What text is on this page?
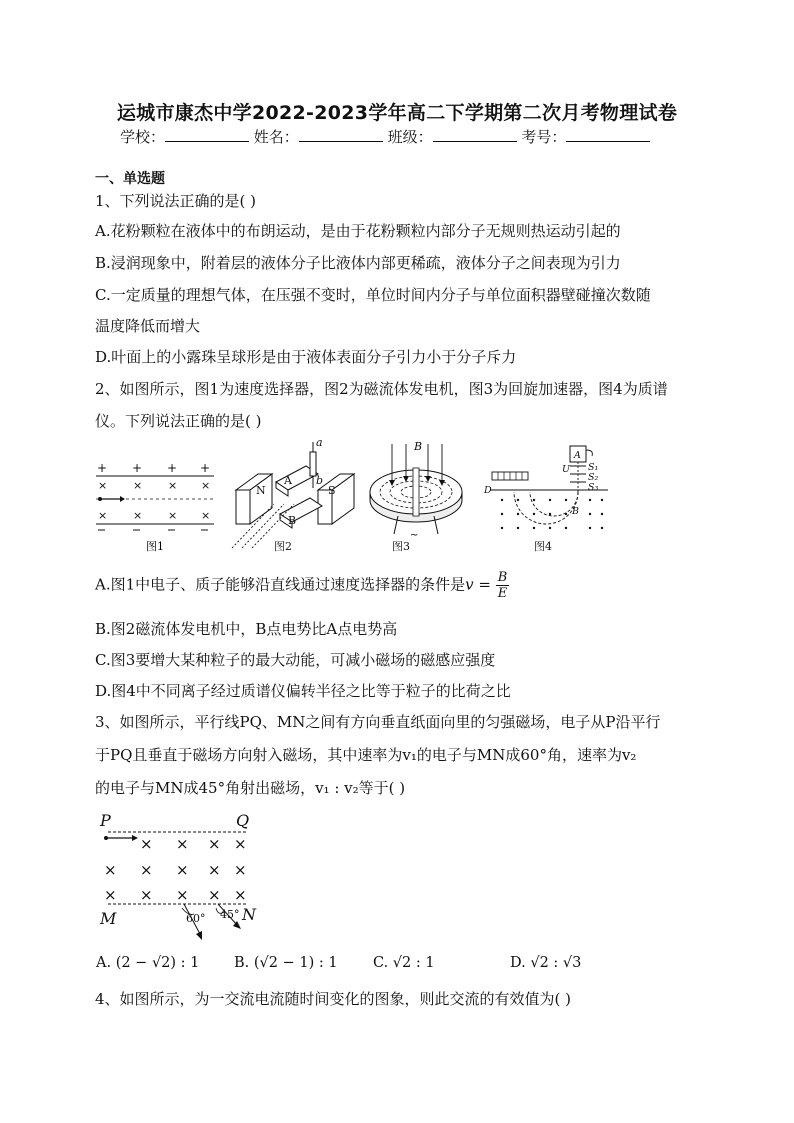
运城市康杰中学2022-2023学年高二下学期第二次月考物理试卷
学校：	姓名：	班级：	考号：
一、单选题
1、下列说法正确的是( )
A.花粉颗粒在液体中的布朗运动，是由于花粉颗粒内部分子无规则热运动引起的
B.浸润现象中，附着层的液体分子比液体内部更稀疏，液体分子之间表现为引力
C.一定质量的理想气体，在压强不变时，单位时间内分子与单位面积器壁碰撞次数随
温度降低而增大
D.叶面上的小露珠呈球形是由于液体表面分子引力小于分子斥力
2、如图所示，图1为速度选择器，图2为磁流体发电机，图3为回旋加速器，图4为质谱
仪。下列说法正确的是( )
+ + + +
× × × ×
× × × ×
图1
a
N
A b
S
B
图2
~
B
图3
A
U S₁
S₂
S₃
D
B
图4
A.图1中电子、质子能够沿直线通过速度选择器的条件是$v = \frac{B}{E}$
B.图2磁流体发电机中，B点电势比A点电势高
C.图3要增大某种粒子的最大动能，可减小磁场的磁感应强度
D.图4中不同离子经过质谱仪偏转半径之比等于粒子的比荷之比
3、如图所示，平行线PQ、MN之间有方向垂直纸面向里的匀强磁场，电子从P沿平行
于PQ且垂直于磁场方向射入磁场，其中速率为v₁的电子与MN成60°角，速率为v₂
的电子与MN成45°角射出磁场，v₁ : v₂等于( )
× × × ×
× × × × ×
× × × × ×
P	Q
M	N
60° 45°
A. (2 − √2) : 1 B. (√2 − 1) : 1 C. √2 : 1	D. √2 : √3
4、如图所示，为一交流电流随时间变化的图象，则此交流的有效值为( )
